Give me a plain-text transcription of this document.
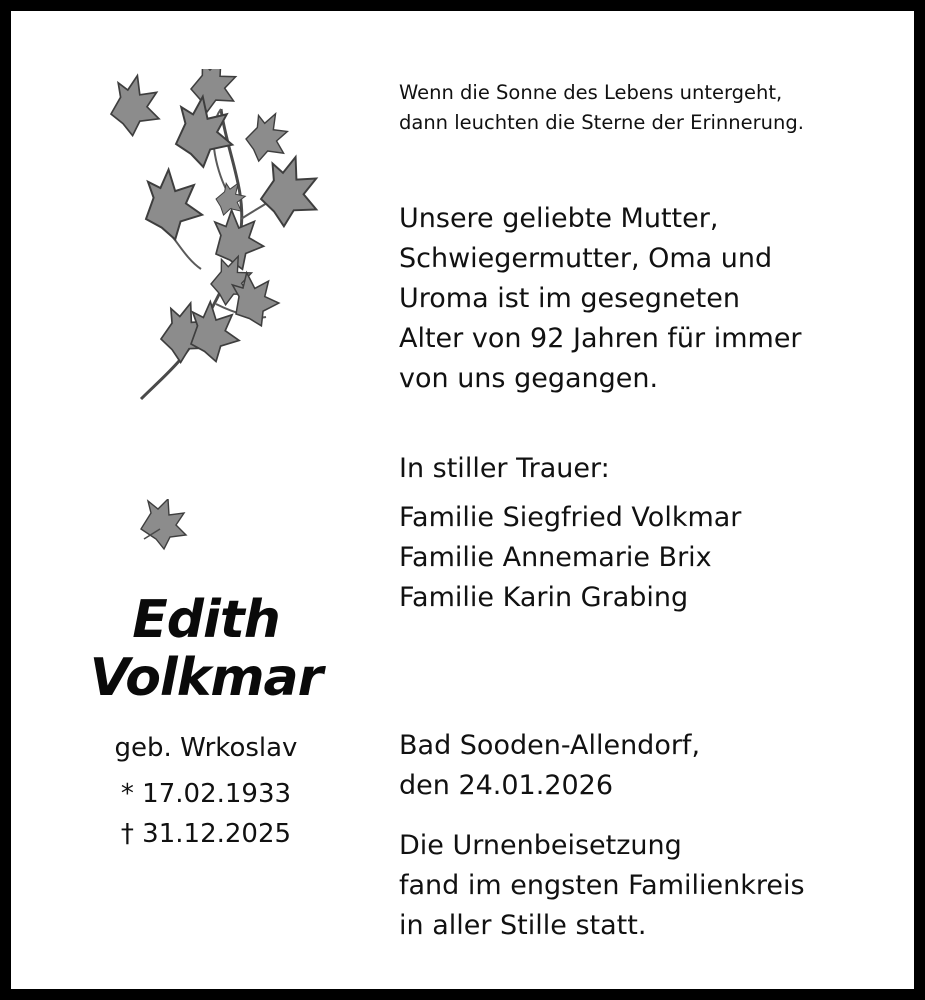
Wenn die Sonne des Lebens untergeht,
dann leuchten die Sterne der Erinnerung.
Unsere geliebte Mutter,
Schwiegermutter, Oma und
Uroma ist im gesegneten
Alter von 92 Jahren für immer
von uns gegangen.
In stiller Trauer:
Familie Siegfried Volkmar
Familie Annemarie Brix
Familie Karin Grabing
Edith
Volkmar
geb. Wrkoslav
* 17.02.1933
† 31.12.2025
Bad Sooden-Allendorf,
den 24.01.2026
Die Urnenbeisetzung
fand im engsten Familienkreis
in aller Stille statt.
